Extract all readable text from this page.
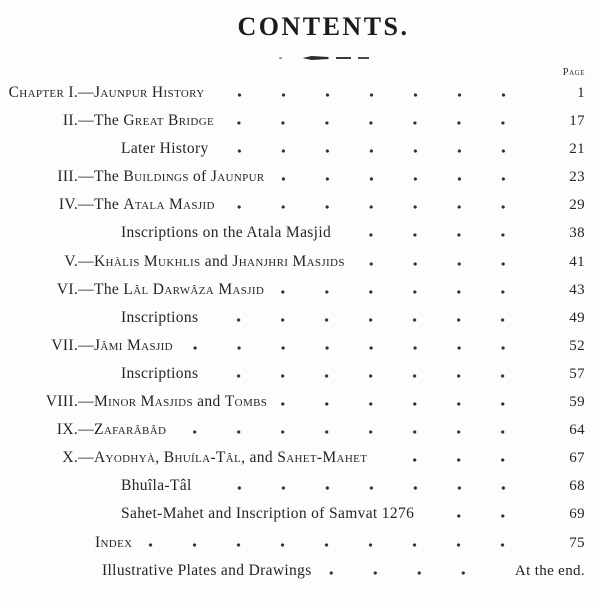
CONTENTS.
Page
Chapter I.— Jaunpur History	1
II.— The Great Bridge	17
Later History	21
III.— The Buildings of Jaunpur	23
IV.— The Atala Masjid	29
Inscriptions on the Atala Masjid	38
V.— Khàlis Mukhlis and Jhanjhri Masjids	41
VI.— The Lâl Darwâza Masjid	43
Inscriptions	49
VII.— Jâmi Masjid	52
Inscriptions	57
VIII.— Minor Masjids and Tombs	59
IX.— Zafarâbâd	64
X.— Ayodhyà, Bhuíla-Tâl, and Sahet-Mahet	67
Bhuîla-Tâl	68
Sahet-Mahet and Inscription of Samvat 1276	69
Index	75
Illustrative Plates and Drawings	At the end.
